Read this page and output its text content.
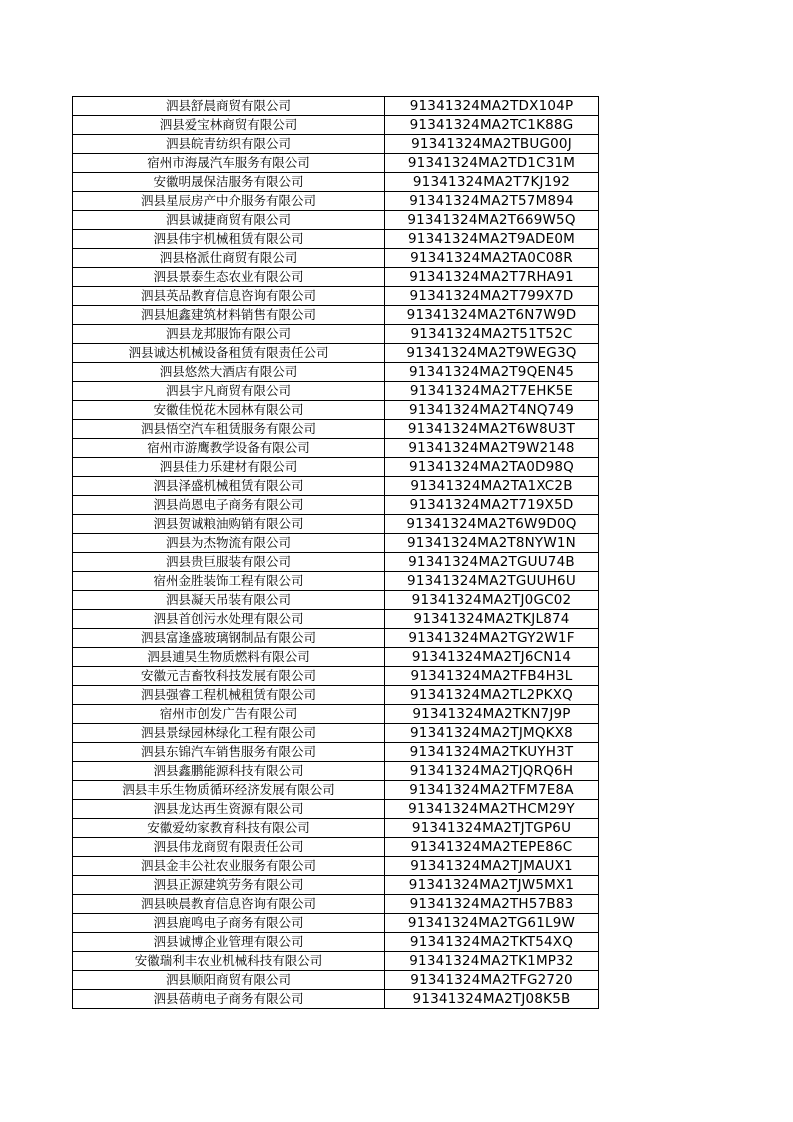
泗县舒晨商贸有限公司	91341324MA2TDX104P
泗县爱宝林商贸有限公司	91341324MA2TC1K88G
泗县皖青纺织有限公司	91341324MA2TBUG00J
宿州市海晟汽车服务有限公司	91341324MA2TD1C31M
安徽明晟保洁服务有限公司	91341324MA2T7KJ192
泗县星辰房产中介服务有限公司	91341324MA2T57M894
泗县诚捷商贸有限公司	91341324MA2T669W5Q
泗县伟宇机械租赁有限公司	91341324MA2T9ADE0M
泗县格派仕商贸有限公司	91341324MA2TA0C08R
泗县景泰生态农业有限公司	91341324MA2T7RHA91
泗县英品教育信息咨询有限公司	91341324MA2T799X7D
泗县旭鑫建筑材料销售有限公司	91341324MA2T6N7W9D
泗县龙邦服饰有限公司	91341324MA2T51T52C
泗县诚达机械设备租赁有限责任公司	91341324MA2T9WEG3Q
泗县悠然大酒店有限公司	91341324MA2T9QEN45
泗县宇凡商贸有限公司	91341324MA2T7EHK5E
安徽佳悦花木园林有限公司	91341324MA2T4NQ749
泗县悟空汽车租赁服务有限公司	91341324MA2T6W8U3T
宿州市游鹰教学设备有限公司	91341324MA2T9W2148
泗县佳力乐建材有限公司	91341324MA2TA0D98Q
泗县泽盛机械租赁有限公司	91341324MA2TA1XC2B
泗县尚恩电子商务有限公司	91341324MA2T719X5D
泗县贺诚粮油购销有限公司	91341324MA2T6W9D0Q
泗县为杰物流有限公司	91341324MA2T8NYW1N
泗县贵巨服装有限公司	91341324MA2TGUU74B
宿州金胜装饰工程有限公司	91341324MA2TGUUH6U
泗县凝天吊装有限公司	91341324MA2TJ0GC02
泗县首创污水处理有限公司	91341324MA2TKJL874
泗县富逢盛玻璃钢制品有限公司	91341324MA2TGY2W1F
泗县逋昊生物质燃料有限公司	91341324MA2TJ6CN14
安徽元吉畜牧科技发展有限公司	91341324MA2TFB4H3L
泗县强睿工程机械租赁有限公司	91341324MA2TL2PKXQ
宿州市创发广告有限公司	91341324MA2TKN7J9P
泗县景绿园林绿化工程有限公司	91341324MA2TJMQKX8
泗县东锦汽车销售服务有限公司	91341324MA2TKUYH3T
泗县鑫鹏能源科技有限公司	91341324MA2TJQRQ6H
泗县丰乐生物质循环经济发展有限公司	91341324MA2TFM7E8A
泗县龙达再生资源有限公司	91341324MA2THCM29Y
安徽爱幼家教育科技有限公司	91341324MA2TJTGP6U
泗县伟龙商贸有限责任公司	91341324MA2TEPE86C
泗县金丰公社农业服务有限公司	91341324MA2TJMAUX1
泗县正源建筑劳务有限公司	91341324MA2TJW5MX1
泗县映晨教育信息咨询有限公司	91341324MA2TH57B83
泗县鹿鸣电子商务有限公司	91341324MA2TG61L9W
泗县诚博企业管理有限公司	91341324MA2TKT54XQ
安徽瑞利丰农业机械科技有限公司	91341324MA2TK1MP32
泗县顺阳商贸有限公司	91341324MA2TFG2720
泗县蓓萌电子商务有限公司	91341324MA2TJ08K5B
